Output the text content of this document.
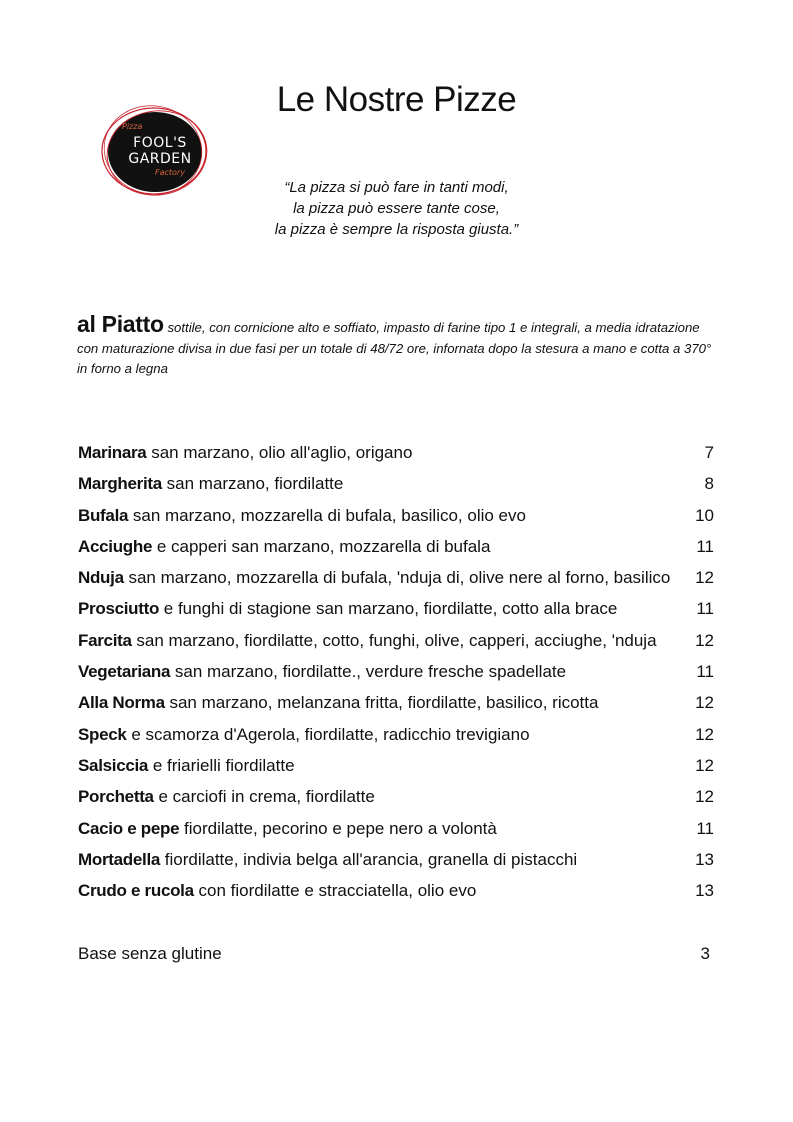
Le Nostre Pizze
Pizza
FOOL'S
GARDEN
Factory
“La pizza si può fare in tanti modi,
la pizza può essere tante cose,
la pizza è sempre la risposta giusta.”
al Piatto sottile, con cornicione alto e soffiato, impasto di farine tipo 1 e integrali, a media idratazione con maturazione divisa in due fasi per un totale di 48/72 ore, infornata dopo la stesura a mano e cotta a 370° in forno a legna
Marinara san marzano, olio all'aglio, origano	7
Margherita san marzano, fiordilatte	8
Bufala san marzano, mozzarella di bufala, basilico, olio evo	10
Acciughe e capperi san marzano, mozzarella di bufala	11
Nduja san marzano, mozzarella di bufala, 'nduja di, olive nere al forno, basilico 12
Prosciutto e funghi di stagione san marzano, fiordilatte, cotto alla brace	11
Farcita san marzano, fiordilatte, cotto, funghi, olive, capperi, acciughe, 'nduja 12
Vegetariana san marzano, fiordilatte., verdure fresche spadellate	11
Alla Norma san marzano, melanzana fritta, fiordilatte, basilico, ricotta	12
Speck e scamorza d'Agerola, fiordilatte, radicchio trevigiano	12
Salsiccia e friarielli fiordilatte	12
Porchetta e carciofi in crema, fiordilatte	12
Cacio e pepe fiordilatte, pecorino e pepe nero a volontà	11
Mortadella fiordilatte, indivia belga all'arancia, granella di pistacchi	13
Crudo e rucola con fiordilatte e stracciatella, olio evo	13
Base senza glutine	3
